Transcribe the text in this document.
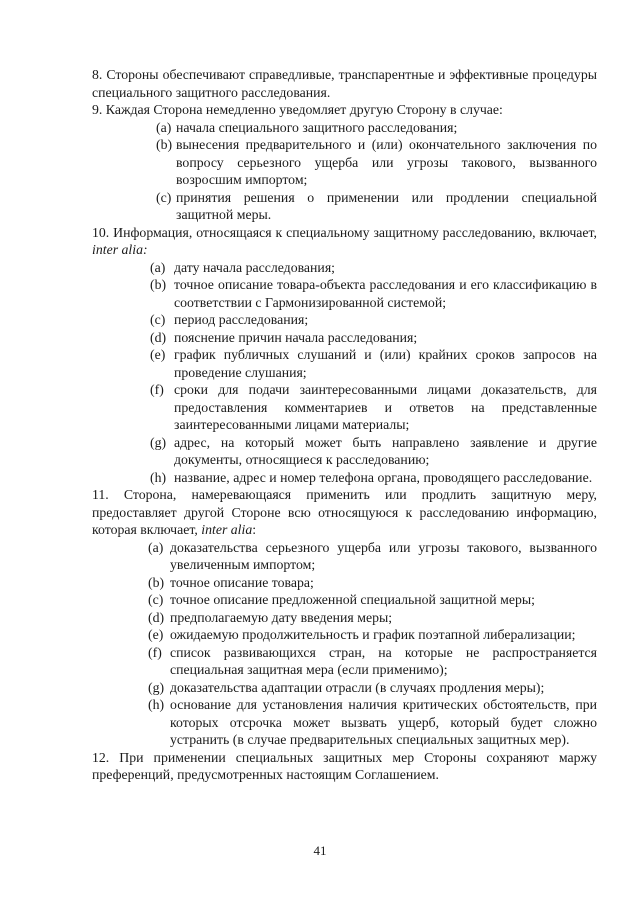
8. Стороны обеспечивают справедливые, транспарентные и эффективные процедуры специального защитного расследования.

9. Каждая Сторона немедленно уведомляет другую Сторону в случае:

(a) начала специального защитного расследования;
(b) вынесения предварительного и (или) окончательного заключения по вопросу серьезного ущерба или угрозы такового, вызванного возросшим импортом;
(c) принятия решения о применении или продлении специальной защитной меры.

10. Информация, относящаяся к специальному защитному расследованию, включает, inter alia:

(a) дату начала расследования;
(b) точное описание товара-объекта расследования и его классификацию в соответствии с Гармонизированной системой;
(c) период расследования;
(d) пояснение причин начала расследования;
(e) график публичных слушаний и (или) крайних сроков запросов на проведение слушания;
(f) сроки для подачи заинтересованными лицами доказательств, для предоставления комментариев и ответов на представленные заинтересованными лицами материалы;
(g) адрес, на который может быть направлено заявление и другие документы, относящиеся к расследованию;
(h) название, адрес и номер телефона органа, проводящего расследование.

11. Сторона, намеревающаяся применить или продлить защитную меру, предоставляет другой Стороне всю относящуюся к расследованию информацию, которая включает, inter alia:

(a) доказательства серьезного ущерба или угрозы такового, вызванного увеличенным импортом;
(b) точное описание товара;
(c) точное описание предложенной специальной защитной меры;
(d) предполагаемую дату введения меры;
(e) ожидаемую продолжительность и график поэтапной либерализации;
(f) список развивающихся стран, на которые не распространяется специальная защитная мера (если применимо);
(g) доказательства адаптации отрасли (в случаях продления меры);
(h) основание для установления наличия критических обстоятельств, при которых отсрочка может вызвать ущерб, который будет сложно устранить (в случае предварительных специальных защитных мер).

12. При применении специальных защитных мер Стороны сохраняют маржу преференций, предусмотренных настоящим Соглашением.

41
